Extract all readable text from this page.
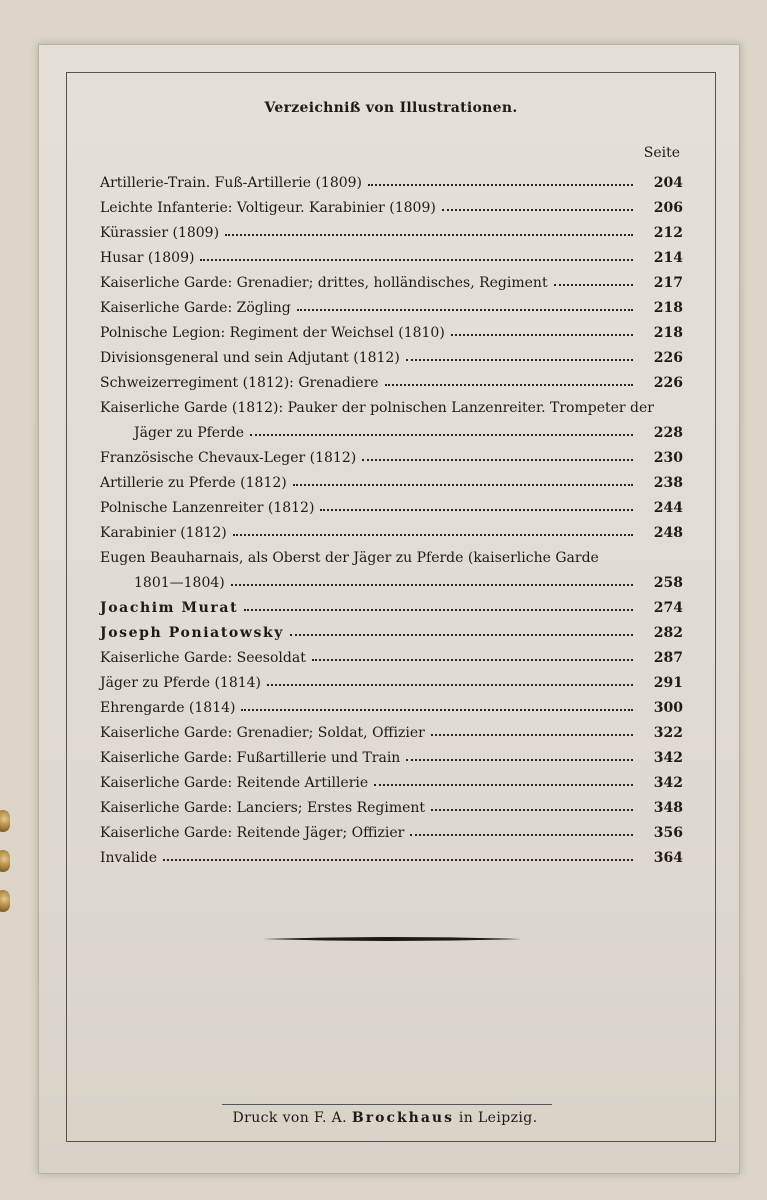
Verzeichniß von Illustrationen.
Seite
Artillerie-Train. Fuß-Artillerie (1809)	204
Leichte Infanterie: Voltigeur. Karabinier (1809)	206
Kürassier (1809)	212
Husar (1809)	214
Kaiserliche Garde: Grenadier; drittes, holländisches, Regiment	217
Kaiserliche Garde: Zögling	218
Polnische Legion: Regiment der Weichsel (1810)	218
Divisionsgeneral und sein Adjutant (1812)	226
Schweizerregiment (1812): Grenadiere	226
Kaiserliche Garde (1812): Pauker der polnischen Lanzenreiter. Trompeter der
Jäger zu Pferde	228
Französische Chevaux-Leger (1812)	230
Artillerie zu Pferde (1812)	238
Polnische Lanzenreiter (1812)	244
Karabinier (1812)	248
Eugen Beauharnais, als Oberst der Jäger zu Pferde (kaiserliche Garde
1801—1804)	258
Joachim Murat	274
Joseph Poniatowsky	282
Kaiserliche Garde: Seesoldat	287
Jäger zu Pferde (1814)	291
Ehrengarde (1814)	300
Kaiserliche Garde: Grenadier; Soldat, Offizier	322
Kaiserliche Garde: Fußartillerie und Train	342
Kaiserliche Garde: Reitende Artillerie	342
Kaiserliche Garde: Lanciers; Erstes Regiment	348
Kaiserliche Garde: Reitende Jäger; Offizier	356
Invalide	364
Druck von F. A. Brockhaus in Leipzig.
